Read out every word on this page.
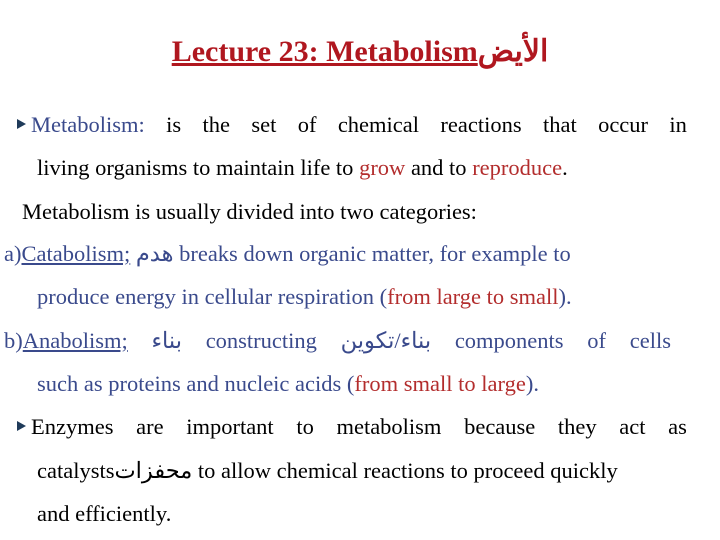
Lecture 23: Metabolismالأيض
Metabolism: is the set of chemical reactions that occur in
living organisms to maintain life to grow and to reproduce.
Metabolism is usually divided into two categories:
a)Catabolism; هدم breaks down organic matter, for example to
produce energy in cellular respiration (from large to small).
b)Anabolism; بناء constructing بناء/تكوين components of cells
such as proteins and nucleic acids (from small to large).
Enzymes are important to metabolism because they act as
catalystsمحفزات to allow chemical reactions to proceed quickly
and efficiently.
